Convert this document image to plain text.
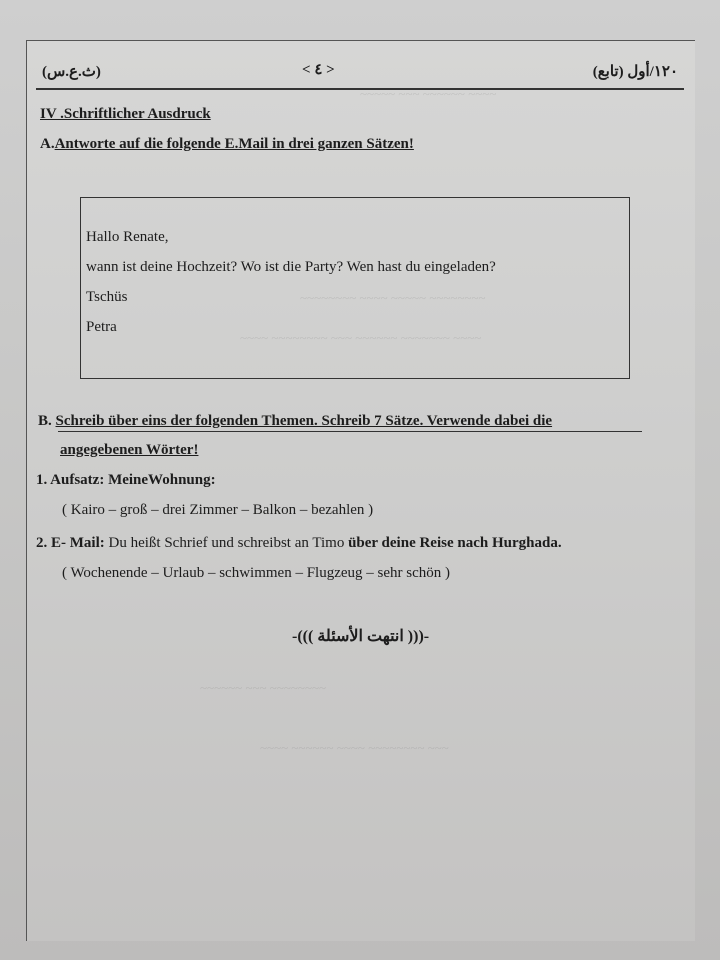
~~~~~ ~~~ ~~~~~~ ~~~~
~~~~~~~~ ~~~~ ~~~~~ ~~~~~~~~
~~~~ ~~~~~~~~ ~~~ ~~~~~~ ~~~~~~~ ~~~~
~~~~~~ ~~~ ~~~~~~~~
~~~~ ~~~~~~ ~~~~ ~~~~~~~~ ~~~
(ث.ع.س)	< ٤ >	١٢٠/أول (تابع)
IV .Schriftlicher Ausdruck
A.Antworte auf die folgende E.Mail in drei ganzen Sätzen!
Hallo Renate,
wann ist deine Hochzeit? Wo ist die Party? Wen hast du eingeladen?
Tschüs
Petra
B. Schreib über eins der folgenden Themen. Schreib 7 Sätze. Verwende dabei die
angegebenen Wörter!
1. Aufsatz: MeineWohnung:
( Kairo – groß – drei Zimmer – Balkon – bezahlen )
2. E- Mail: Du heißt Schrief und schreibst an Timo über deine Reise nach Hurghada.
( Wochenende – Urlaub – schwimmen – Flugzeug – sehr schön )
-((( انتهت الأسئلة )))-
